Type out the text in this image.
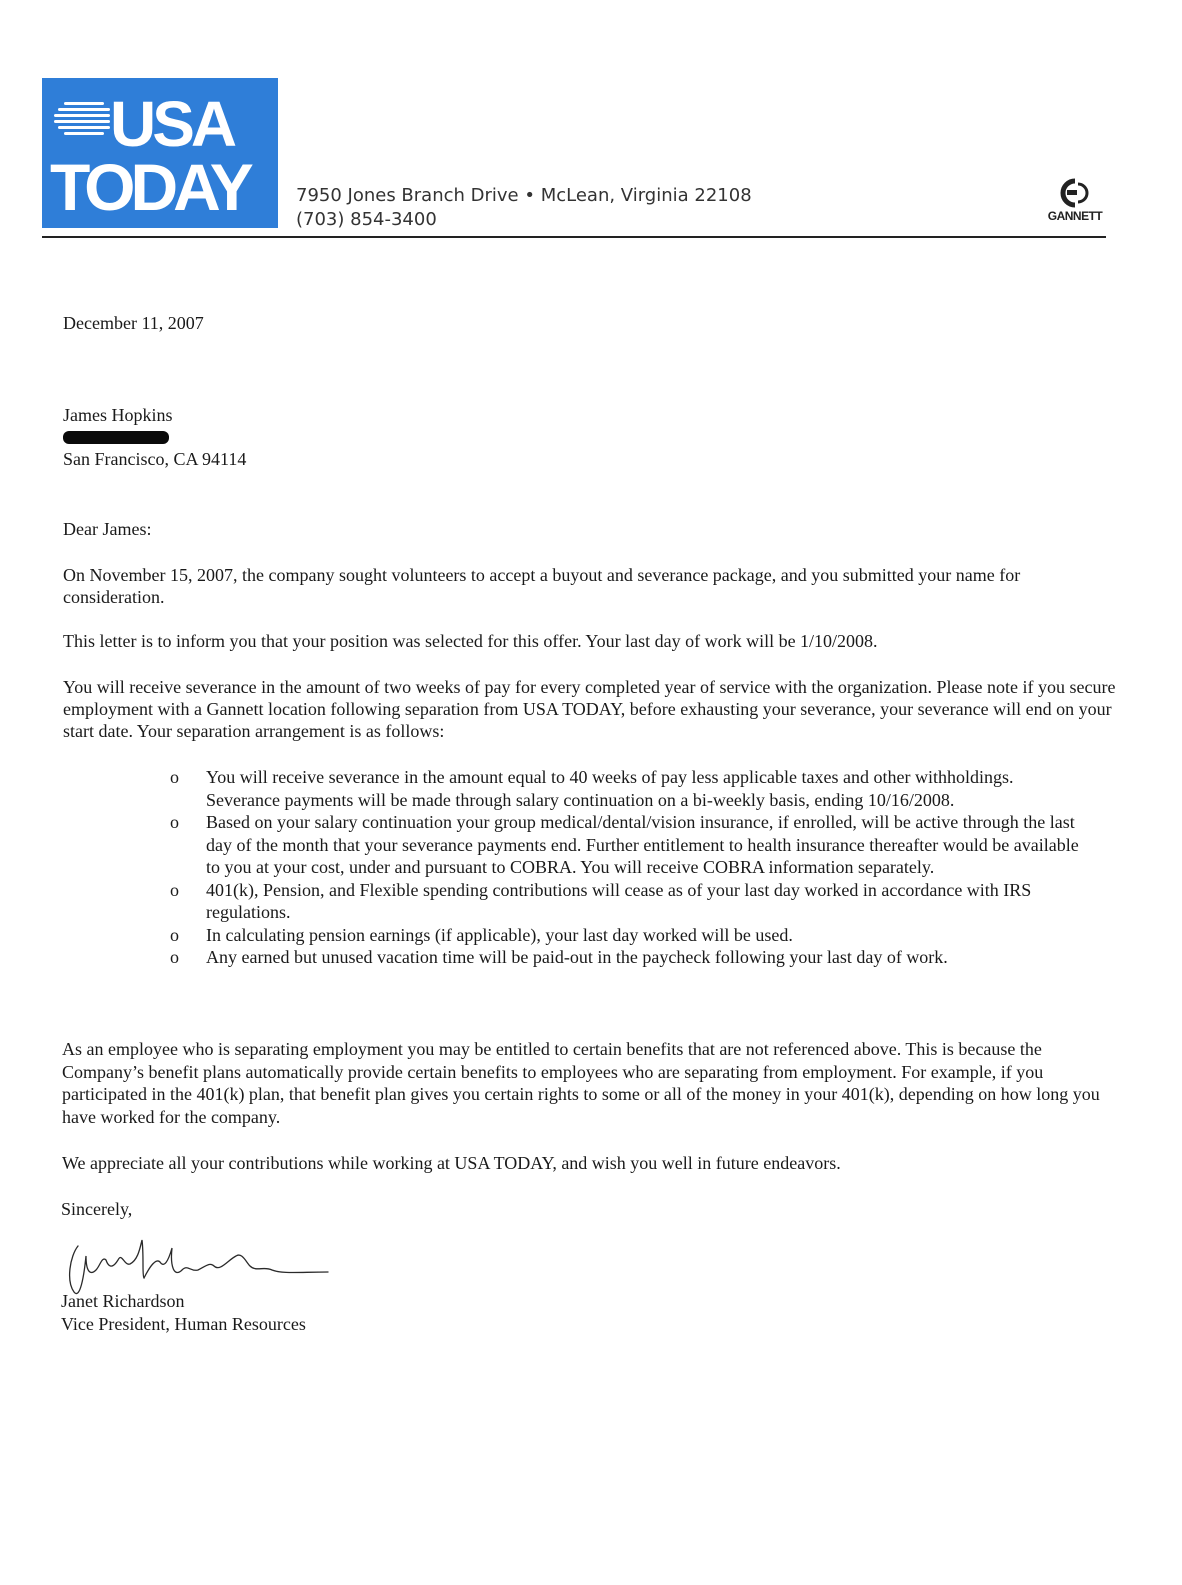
USA
TODAY	7950 Jones Branch Drive • McLean, Virginia 22108
(703) 854-3400	GANNETT
December 11, 2007
James Hopkins
San Francisco, CA 94114
Dear James:
On November 15, 2007, the company sought volunteers to accept a buyout and severance package, and you submitted your name for consideration.
This letter is to inform you that your position was selected for this offer. Your last day of work will be 1/10/2008.
You will receive severance in the amount of two weeks of pay for every completed year of service with the organization. Please note if you secure employment with a Gannett location following separation from USA TODAY, before exhausting your severance, your severance will end on your start date. Your separation arrangement is as follows:
o	You will receive severance in the amount equal to 40 weeks of pay less applicable taxes and other withholdings. Severance payments will be made through salary continuation on a bi-weekly basis, ending 10/16/2008.
o	Based on your salary continuation your group medical/dental/vision insurance, if enrolled, will be active through the last day of the month that your severance payments end. Further entitlement to health insurance thereafter would be available to you at your cost, under and pursuant to COBRA. You will receive COBRA information separately.
o	401(k), Pension, and Flexible spending contributions will cease as of your last day worked in accordance with IRS regulations.
o	In calculating pension earnings (if applicable), your last day worked will be used.
o	Any earned but unused vacation time will be paid-out in the paycheck following your last day of work.
As an employee who is separating employment you may be entitled to certain benefits that are not referenced above. This is because the Company’s benefit plans automatically provide certain benefits to employees who are separating from employment. For example, if you participated in the 401(k) plan, that benefit plan gives you certain rights to some or all of the money in your 401(k), depending on how long you have worked for the company.
We appreciate all your contributions while working at USA TODAY, and wish you well in future endeavors.
Sincerely,
Janet Richardson
Vice President, Human Resources
